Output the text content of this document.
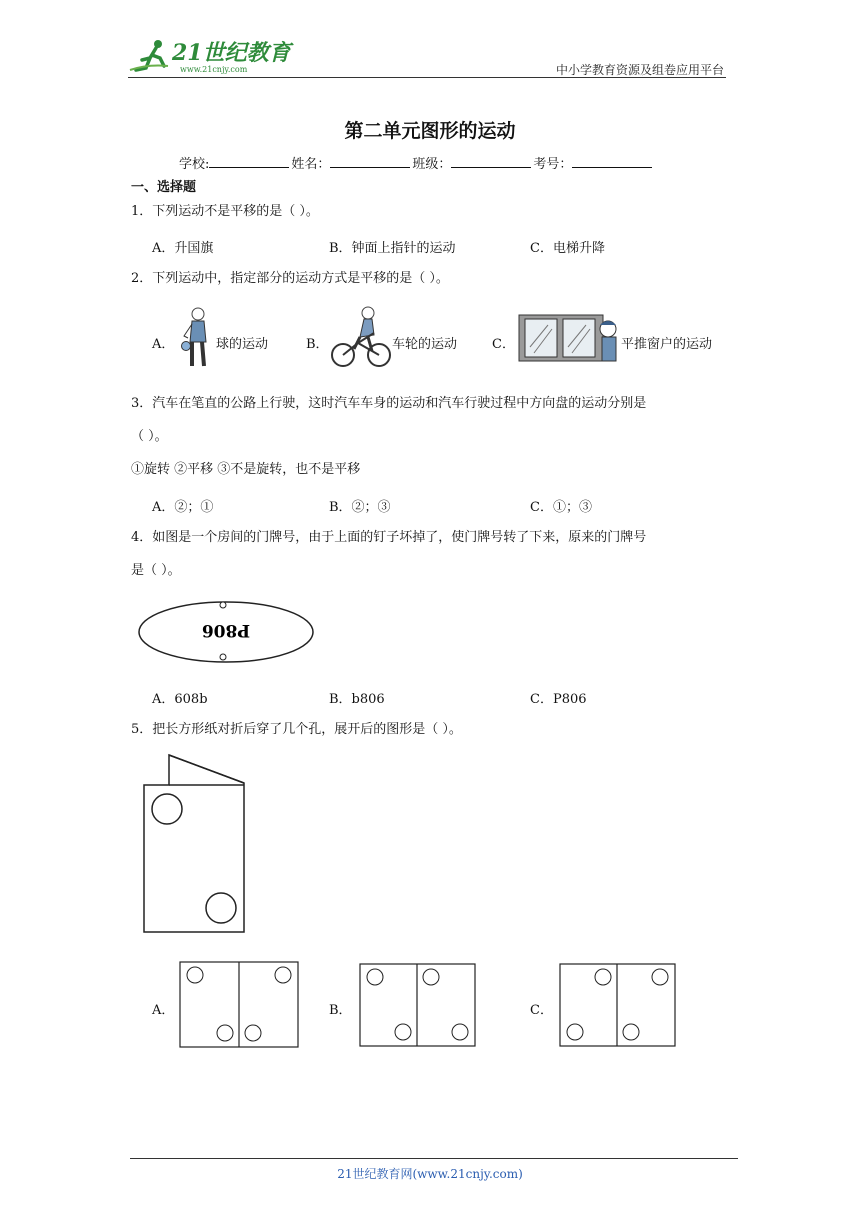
21世纪教育
www.21cnjy.com	中小学教育资源及组卷应用平台
第二单元图形的运动
学校:	姓名：	班级：	考号：
一、选择题
1．下列运动不是平移的是（ ）。
A．升国旗	B．钟面上指针的运动	C．电梯升降
2．下列运动中，指定部分的运动方式是平移的是（ ）。
A．	球的运动	B．	车轮的运动	C．	平推窗户的运动
3．汽车在笔直的公路上行驶，这时汽车车身的运动和汽车行驶过程中方向盘的运动分别是
（ ）。
①旋转 ②平移 ③不是旋转，也不是平移
A．②；①	B．②；③	C．①；③
4．如图是一个房间的门牌号，由于上面的钉子坏掉了，使门牌号转了下来，原来的门牌号
是（ ）。
P806
A．608b	B．b806	C．P806
5．把长方形纸对折后穿了几个孔，展开后的图形是（ ）。
A．	B．	C．
21世纪教育网(www.21cnjy.com)
